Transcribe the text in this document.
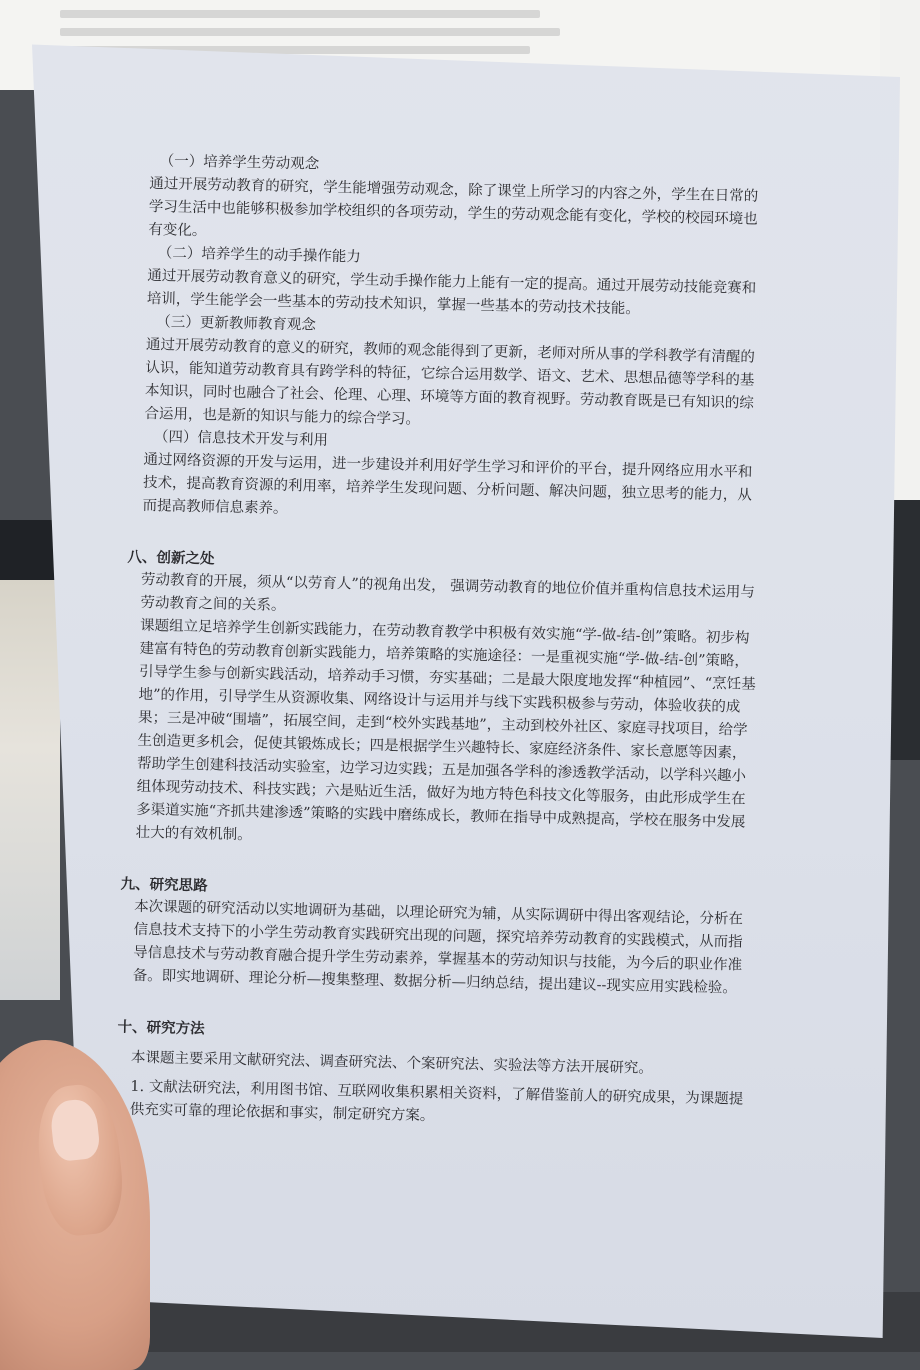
（一）培养学生劳动观念

通过开展劳动教育的研究，学生能增强劳动观念，除了课堂上所学习的内容之外，学生在日常的学习生活中也能够积极参加学校组织的各项劳动，学生的劳动观念能有变化，学校的校园环境也有变化。

（二）培养学生的动手操作能力

通过开展劳动教育意义的研究，学生动手操作能力上能有一定的提高。通过开展劳动技能竞赛和培训，学生能学会一些基本的劳动技术知识，掌握一些基本的劳动技术技能。

（三）更新教师教育观念

通过开展劳动教育的意义的研究，教师的观念能得到了更新，老师对所从事的学科教学有清醒的认识，能知道劳动教育具有跨学科的特征，它综合运用数学、语文、艺术、思想品德等学科的基本知识，同时也融合了社会、伦理、心理、环境等方面的教育视野。劳动教育既是已有知识的综合运用，也是新的知识与能力的综合学习。

（四）信息技术开发与利用

通过网络资源的开发与运用，进一步建设并利用好学生学习和评价的平台，提升网络应用水平和技术，提高教育资源的利用率，培养学生发现问题、分析问题、解决问题，独立思考的能力，从而提高教师信息素养。

八、创新之处

劳动教育的开展，须从“以劳育人”的视角出发， 强调劳动教育的地位价值并重构信息技术运用与劳动教育之间的关系。

课题组立足培养学生创新实践能力，在劳动教育教学中积极有效实施“学-做-结-创”策略。初步构建富有特色的劳动教育创新实践能力，培养策略的实施途径：一是重视实施“学-做-结-创”策略，引导学生参与创新实践活动，培养动手习惯，夯实基础；二是最大限度地发挥“种植园”、“烹饪基地”的作用，引导学生从资源收集、网络设计与运用并与线下实践积极参与劳动，体验收获的成果；三是冲破“围墙”，拓展空间，走到“校外实践基地”，主动到校外社区、家庭寻找项目，给学生创造更多机会，促使其锻炼成长；四是根据学生兴趣特长、家庭经济条件、家长意愿等因素，帮助学生创建科技活动实验室，边学习边实践；五是加强各学科的渗透教学活动，以学科兴趣小组体现劳动技术、科技实践；六是贴近生活，做好为地方特色科技文化等服务，由此形成学生在多渠道实施“齐抓共建渗透”策略的实践中磨练成长，教师在指导中成熟提高，学校在服务中发展壮大的有效机制。

九、研究思路

本次课题的研究活动以实地调研为基础，以理论研究为辅，从实际调研中得出客观结论，分析在信息技术支持下的小学生劳动教育实践研究出现的问题，探究培养劳动教育的实践模式，从而指导信息技术与劳动教育融合提升学生劳动素养，掌握基本的劳动知识与技能，为今后的职业作准备。即实地调研、理论分析—搜集整理、数据分析—归纳总结，提出建议--现实应用实践检验。

十、研究方法

本课题主要采用文献研究法、调查研究法、个案研究法、实验法等方法开展研究。

1. 文献法研究法，利用图书馆、互联网收集积累相关资料，了解借鉴前人的研究成果，为课题提供充实可靠的理论依据和事实，制定研究方案。
